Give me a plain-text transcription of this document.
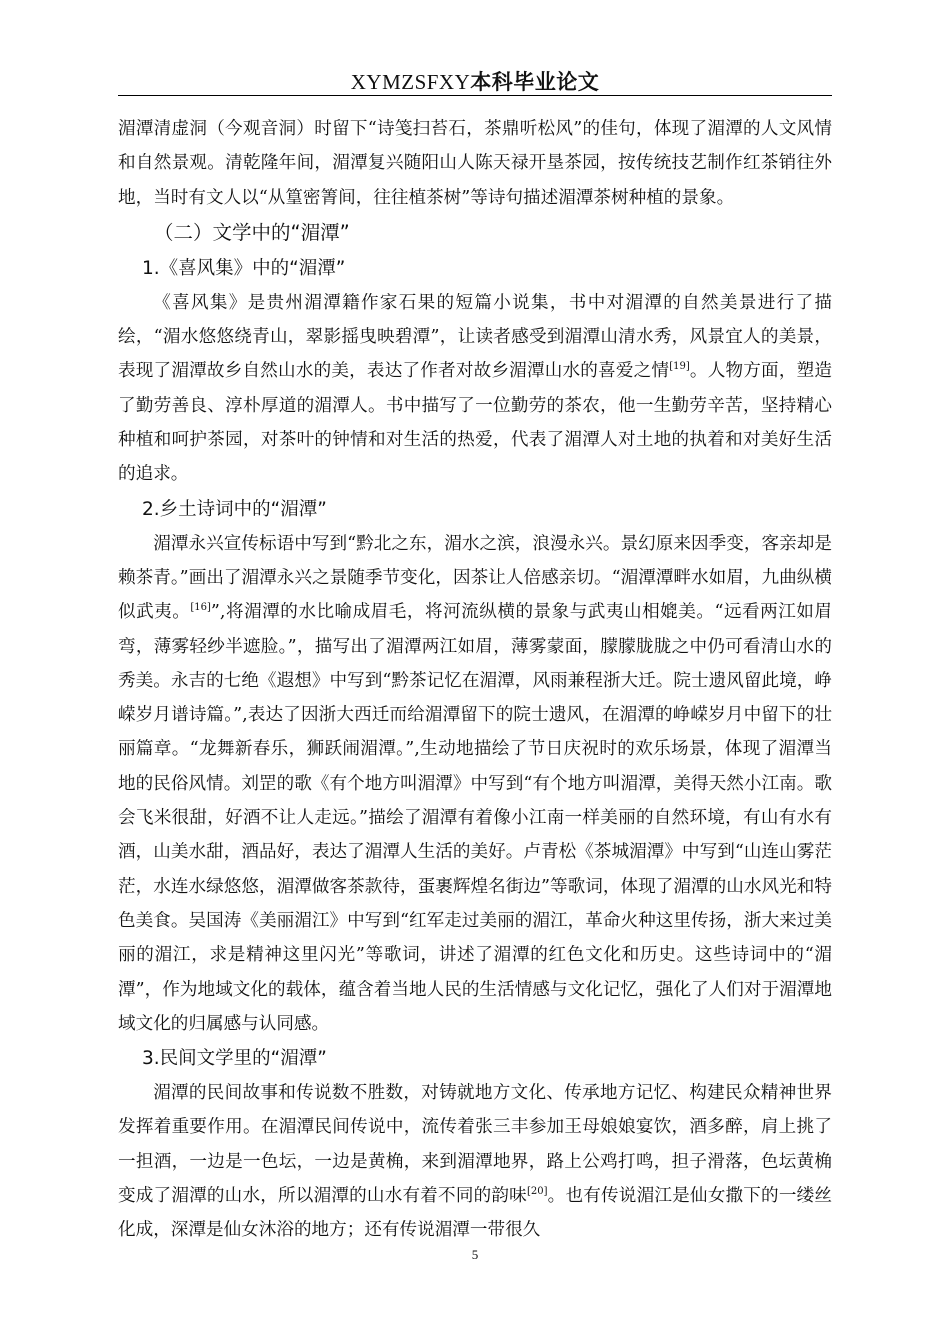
XYMZSFXY本科毕业论文

湄潭清虚洞（今观音洞）时留下“诗笺扫苔石，茶鼎听松风”的佳句，体现了湄潭的人文风情和自然景观。清乾隆年间，湄潭复兴随阳山人陈天禄开垦茶园，按传统技艺制作红茶销往外地，当时有文人以“从篁密箐间，往往植茶树”等诗句描述湄潭茶树种植的景象。

（二）文学中的“湄潭”
1.《喜风集》中的“湄潭”

《喜风集》是贵州湄潭籍作家石果的短篇小说集，书中对湄潭的自然美景进行了描绘，“湄水悠悠绕青山，翠影摇曳映碧潭”，让读者感受到湄潭山清水秀，风景宜人的美景，表现了湄潭故乡自然山水的美，表达了作者对故乡湄潭山水的喜爱之情[19]。人物方面，塑造了勤劳善良、淳朴厚道的湄潭人。书中描写了一位勤劳的茶农，他一生勤劳辛苦，坚持精心种植和呵护茶园，对茶叶的钟情和对生活的热爱，代表了湄潭人对土地的执着和对美好生活的追求。

2.乡土诗词中的“湄潭”

湄潭永兴宣传标语中写到“黔北之东，湄水之滨，浪漫永兴。景幻原来因季变，客亲却是赖茶青。”画出了湄潭永兴之景随季节变化，因茶让人倍感亲切。“湄潭潭畔水如眉，九曲纵横似武夷。[16]”,将湄潭的水比喻成眉毛，将河流纵横的景象与武夷山相媲美。“远看两江如眉弯，薄雾轻纱半遮脸。”，描写出了湄潭两江如眉，薄雾蒙面，朦朦胧胧之中仍可看清山水的秀美。永吉的七绝《遐想》中写到“黔茶记忆在湄潭，风雨兼程浙大迁。院士遗风留此境，峥嵘岁月谱诗篇。”,表达了因浙大西迁而给湄潭留下的院士遗风，在湄潭的峥嵘岁月中留下的壮丽篇章。“龙舞新春乐，狮跃闹湄潭。”,生动地描绘了节日庆祝时的欢乐场景，体现了湄潭当地的民俗风情。刘罡的歌《有个地方叫湄潭》中写到“有个地方叫湄潭，美得天然小江南。歌会飞米很甜，好酒不让人走远。”描绘了湄潭有着像小江南一样美丽的自然环境，有山有水有酒，山美水甜，酒品好，表达了湄潭人生活的美好。卢青松《茶城湄潭》中写到“山连山雾茫茫，水连水绿悠悠，湄潭做客茶款待，蛋裹辉煌名街边”等歌词，体现了湄潭的山水风光和特色美食。吴国涛《美丽湄江》中写到“红军走过美丽的湄江，革命火种这里传扬，浙大来过美丽的湄江，求是精神这里闪光”等歌词，讲述了湄潭的红色文化和历史。这些诗词中的“湄潭”，作为地域文化的载体，蕴含着当地人民的生活情感与文化记忆，强化了人们对于湄潭地域文化的归属感与认同感。

3.民间文学里的“湄潭”

湄潭的民间故事和传说数不胜数，对铸就地方文化、传承地方记忆、构建民众精神世界发挥着重要作用。在湄潭民间传说中，流传着张三丰参加王母娘娘宴饮，酒多醉，肩上挑了一担酒，一边是一色坛，一边是黄桷，来到湄潭地界，路上公鸡打鸣，担子滑落，色坛黄桷变成了湄潭的山水，所以湄潭的山水有着不同的韵味[20]。也有传说湄江是仙女撒下的一缕丝化成，深潭是仙女沐浴的地方；还有传说湄潭一带很久

5
